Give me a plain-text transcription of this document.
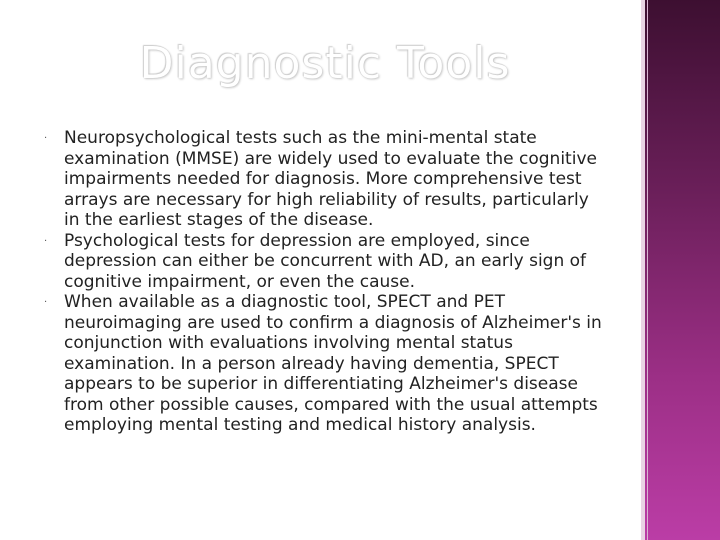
Diagnostic Tools
· Neuropsychological tests such as the mini-mental state examination (MMSE) are widely used to evaluate the cognitive impairments needed for diagnosis. More comprehensive test arrays are necessary for high reliability of results, particularly in the earliest stages of the disease.
· Psychological tests for depression are employed, since depression can either be concurrent with AD, an early sign of cognitive impairment, or even the cause.
· When available as a diagnostic tool, SPECT and PET neuroimaging are used to confirm a diagnosis of Alzheimer's in conjunction with evaluations involving mental status examination. In a person already having dementia, SPECT appears to be superior in differentiating Alzheimer's disease from other possible causes, compared with the usual attempts employing mental testing and medical history analysis.
